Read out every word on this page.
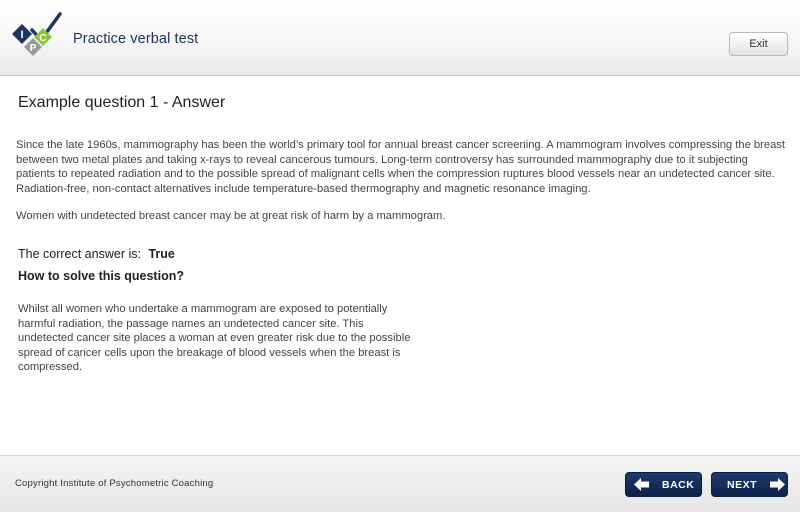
I
P
C Practice verbal test	Exit
Example question 1 - Answer
Since the late 1960s, mammography has been the world’s primary tool for annual breast cancer screening. A mammogram involves compressing the breast between two metal plates and taking x-rays to reveal cancerous tumours. Long-term controversy has surrounded mammography due to it subjecting patients to repeated radiation and to the possible spread of malignant cells when the compression ruptures blood vessels near an undetected cancer site. Radiation-free, non-contact alternatives include temperature-based thermography and magnetic resonance imaging.
Women with undetected breast cancer may be at great risk of harm by a mammogram.
The correct answer is: True
How to solve this question?
Whilst all women who undertake a mammogram are exposed to potentially harmful radiation, the passage names an undetected cancer site. This undetected cancer site places a woman at even greater risk due to the possible spread of cancer cells upon the breakage of blood vessels when the breast is compressed.
Copyright Institute of Psychometric Coaching	BACK	NEXT
